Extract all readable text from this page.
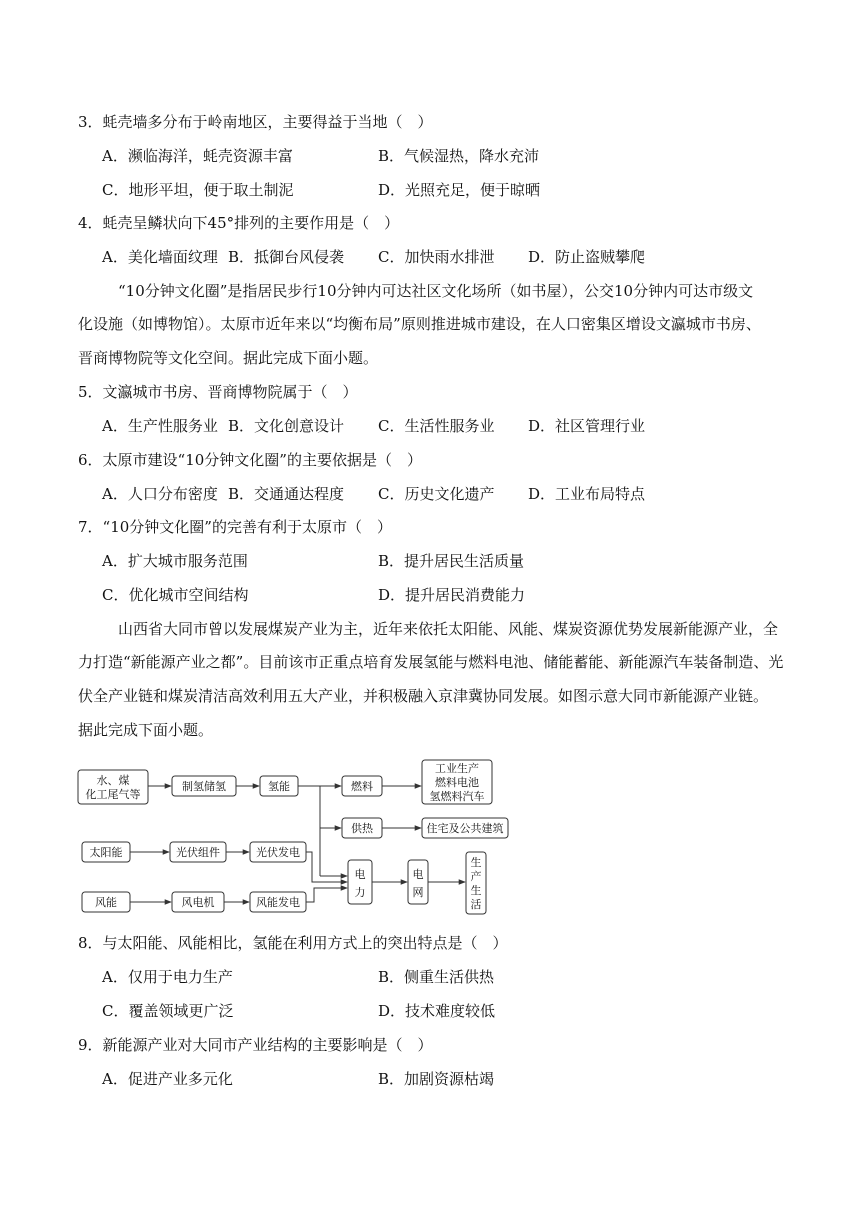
3．蚝壳墙多分布于岭南地区，主要得益于当地（　）
A．濒临海洋，蚝壳资源丰富	B．气候湿热，降水充沛
C．地形平坦，便于取土制泥	D．光照充足，便于晾晒
4．蚝壳呈鳞状向下45°排列的主要作用是（　）
A．美化墙面纹理 B．抵御台风侵袭 C．加快雨水排泄 D．防止盗贼攀爬
“10分钟文化圈”是指居民步行10分钟内可达社区文化场所（如书屋），公交10分钟内可达市级文
化设施（如博物馆）。太原市近年来以“均衡布局”原则推进城市建设，在人口密集区增设文瀛城市书房、
晋商博物院等文化空间。据此完成下面小题。
5．文瀛城市书房、晋商博物院属于（　）
A．生产性服务业 B．文化创意设计 C．生活性服务业 D．社区管理行业
6．太原市建设“10分钟文化圈”的主要依据是（　）
A．人口分布密度 B．交通通达程度 C．历史文化遗产 D．工业布局特点
7．“10分钟文化圈”的完善有利于太原市（　）
A．扩大城市服务范围	B．提升居民生活质量
C．优化城市空间结构	D．提升居民消费能力
山西省大同市曾以发展煤炭产业为主，近年来依托太阳能、风能、煤炭资源优势发展新能源产业，全
力打造“新能源产业之都”。目前该市正重点培育发展氢能与燃料电池、储能蓄能、新能源汽车装备制造、光
伏全产业链和煤炭清洁高效利用五大产业，并积极融入京津冀协同发展。如图示意大同市新能源产业链。
据此完成下面小题。
水、煤
化工尾气等
制氢储氢	氢能	燃料
工业生产
燃料电池
氢燃料汽车
供热	住宅及公共建筑
太阳能	光伏组件	光伏发电
电
力
电
网
生
产
生
活
风能	风电机	风能发电
8．与太阳能、风能相比，氢能在利用方式上的突出特点是（　）
A．仅用于电力生产	B．侧重生活供热
C．覆盖领域更广泛	D．技术难度较低
9．新能源产业对大同市产业结构的主要影响是（　）
A．促进产业多元化	B．加剧资源枯竭
